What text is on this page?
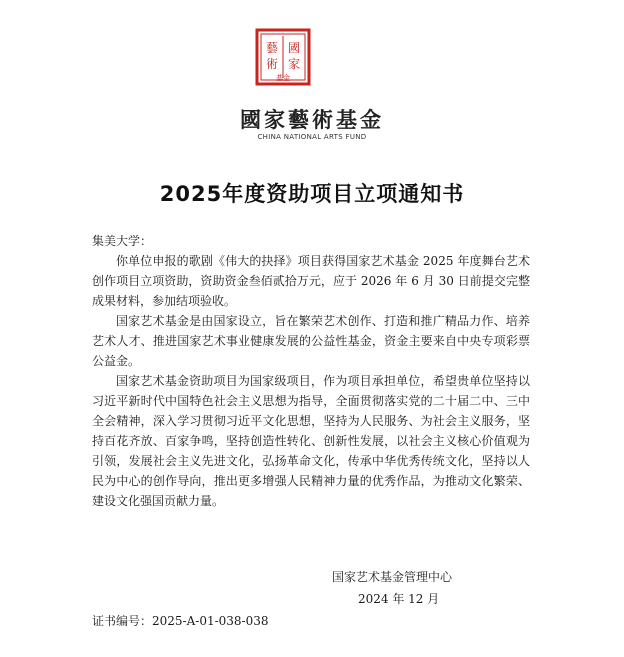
國
家
藝
術
基金
國家藝術基金
CHINA NATIONAL ARTS FUND
2025年度资助项目立项通知书

集美大学：

你单位申报的歌剧《伟大的抉择》项目获得国家艺术基金 2025 年度舞台艺术创作项目立项资助，资助资金叁佰贰拾万元，应于 2026 年 6 月 30 日前提交完整成果材料，参加结项验收。

国家艺术基金是由国家设立，旨在繁荣艺术创作、打造和推广精品力作、培养艺术人才、推进国家艺术事业健康发展的公益性基金，资金主要来自中央专项彩票公益金。

国家艺术基金资助项目为国家级项目，作为项目承担单位，希望贵单位坚持以习近平新时代中国特色社会主义思想为指导，全面贯彻落实党的二十届二中、三中全会精神，深入学习贯彻习近平文化思想，坚持为人民服务、为社会主义服务，坚持百花齐放、百家争鸣，坚持创造性转化、创新性发展，以社会主义核心价值观为引领，发展社会主义先进文化，弘扬革命文化，传承中华优秀传统文化，坚持以人民为中心的创作导向，推出更多增强人民精神力量的优秀作品，为推动文化繁荣、建设文化强国贡献力量。

国家艺术基金管理中心
2024 年 12 月
证书编号：2025-A-01-038-038
